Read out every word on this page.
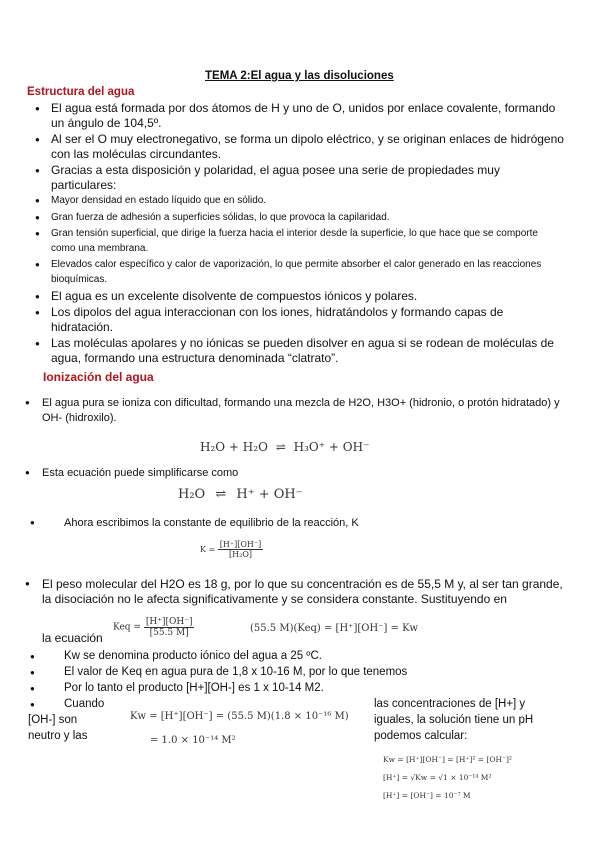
TEMA 2:El agua y las disoluciones
Estructura del agua
● El agua está formada por dos átomos de H y uno de O, unidos por enlace covalente, formando un ángulo de 104,5º.
● Al ser el O muy electronegativo, se forma un dipolo eléctrico, y se originan enlaces de hidrógeno con las moléculas circundantes.
● Gracias a esta disposición y polaridad, el agua posee una serie de propiedades muy particulares:
● Mayor densidad en estado líquido que en sólido.
● Gran fuerza de adhesión a superficies sólidas, lo que provoca la capilaridad.
● Gran tensión superficial, que dirige la fuerza hacia el interior desde la superficie, lo que hace que se comporte como una membrana.
● Elevados calor específico y calor de vaporización, lo que permite absorber el calor generado en las reacciones bioquímicas.
● El agua es un excelente disolvente de compuestos iónicos y polares.
● Los dipolos del agua interaccionan con los iones, hidratándolos y formando capas de hidratación.
● Las moléculas apolares y no iónicas se pueden disolver en agua si se rodean de moléculas de agua, formando una estructura denominada “clatrato”.
Ionización del agua
● El agua pura se ioniza con dificultad, formando una mezcla de H2O, H3O+ (hidronio, o protón hidratado) y OH- (hidroxilo).
H₂O + H₂O ⇌ H₃O⁺ + OH⁻
● Esta ecuación puede simplificarse como
H₂O ⇌ H⁺ + OH⁻
●	Ahora escribimos la constante de equilibrio de la reacción, K
$K = \frac{[H^+][OH^-]}{\text{[H₂O]}}$
● El peso molecular del H2O es 18 g, por lo que su concentración es de 55,5 M y, al ser tan grande, la disociación no le afecta significativamente y se considera constante. Sustituyendo en
la ecuación
Keq = $\frac{[H^+][OH^-]}{[55.5 M]}$	(55.5 M)(Keq) = [H⁺][OH⁻] = Kw
●	Kw se denomina producto iónico del agua a 25 ºC.
●	El valor de Keq en agua pura de 1,8 x 10-16 M, por lo que tenemos
●	Por lo tanto el producto [H+][OH-] es 1 x 10-14 M2.
●	Cuando
[OH-] son
neutro y las
las concentraciones de [H+] y
iguales, la solución tiene un pH
podemos calcular:
Kw = [H⁺][OH⁻] = (55.5 M)(1.8 × 10⁻¹⁶ M)
= 1.0 × 10⁻¹⁴ M²
Kw = [H⁺][OH⁻] = [H⁺]² = [OH⁻]²
[H⁺] = √Kw = √1 × 10⁻¹⁴ M²
[H⁺] = [OH⁻] = 10⁻⁷ M
